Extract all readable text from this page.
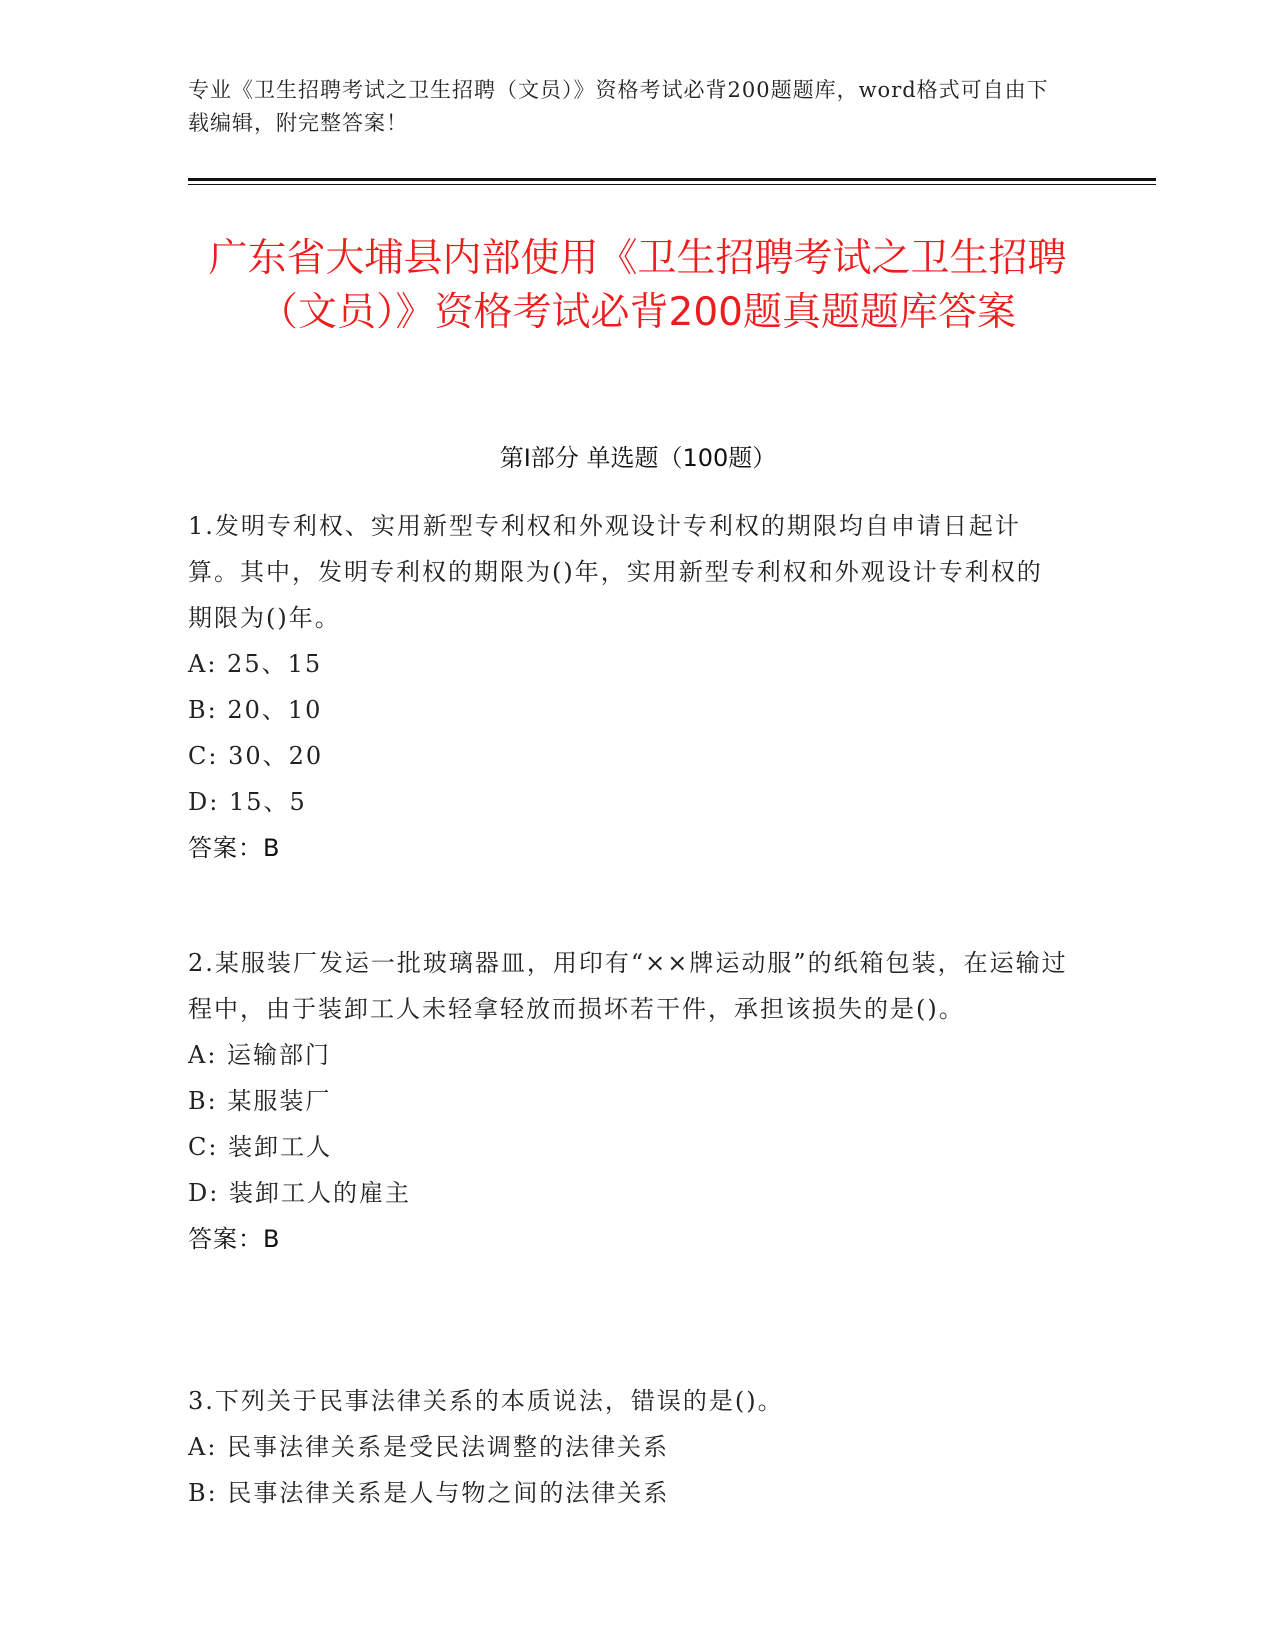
专业《卫生招聘考试之卫生招聘（文员）》资格考试必背200题题库，word格式可自由下载编辑，附完整答案！
广东省大埔县内部使用《卫生招聘考试之卫生招聘（文员）》资格考试必背200题真题题库答案
第Ⅰ部分 单选题（100题）
1.发明专利权、实用新型专利权和外观设计专利权的期限均自申请日起计算。其中，发明专利权的期限为()年，实用新型专利权和外观设计专利权的期限为()年。
A: 25、15
B: 20、10
C: 30、20
D: 15、5
答案：B
2.某服装厂发运一批玻璃器皿，用印有“××牌运动服”的纸箱包装，在运输过程中，由于装卸工人未轻拿轻放而损坏若干件，承担该损失的是()。
A: 运输部门
B: 某服装厂
C: 装卸工人
D: 装卸工人的雇主
答案：B
3.下列关于民事法律关系的本质说法，错误的是()。
A: 民事法律关系是受民法调整的法律关系
B: 民事法律关系是人与物之间的法律关系
